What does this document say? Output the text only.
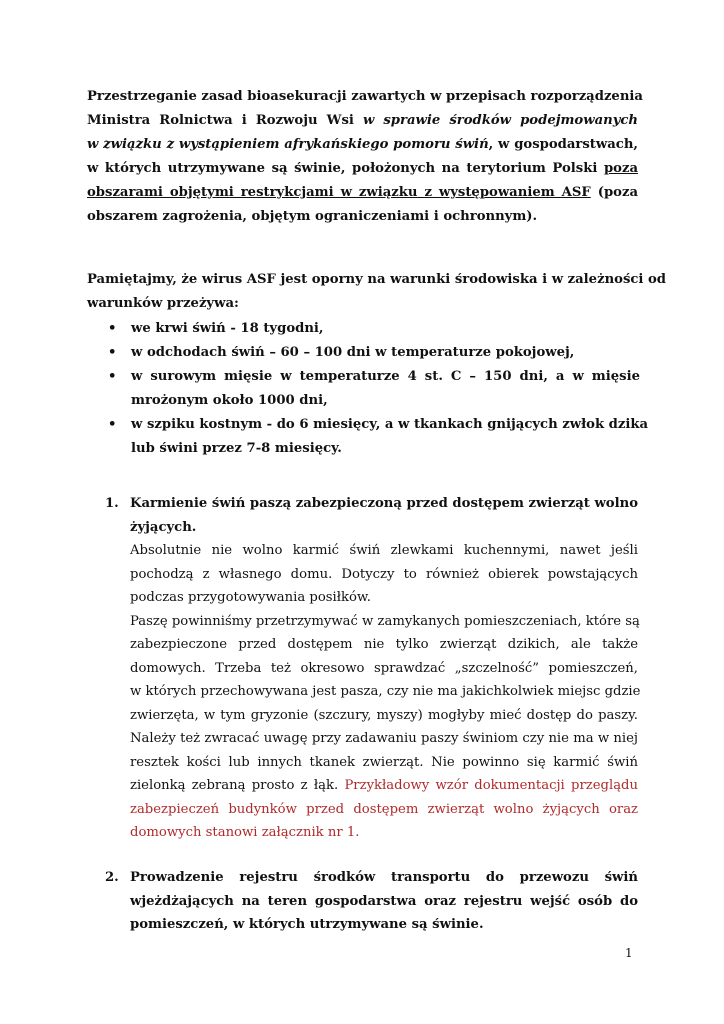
Przestrzeganie zasad bioasekuracji zawartych w przepisach rozporządzenia
Ministra Rolnictwa i Rozwoju Wsi w sprawie środków podejmowanych
w związku z wystąpieniem afrykańskiego pomoru świń, w gospodarstwach,
w których utrzymywane są świnie, położonych na terytorium Polski poza
obszarami objętymi restrykcjami w związku z występowaniem ASF (poza
obszarem zagrożenia, objętym ograniczeniami i ochronnym).
Pamiętajmy, że wirus ASF jest oporny na warunki środowiska i w zależności od
warunków przeżywa:
• we krwi świń - 18 tygodni,
• w odchodach świń – 60 – 100 dni w temperaturze pokojowej,
• w surowym mięsie w temperaturze 4 st. C – 150 dni, a w mięsie
mrożonym około 1000 dni,
• w szpiku kostnym - do 6 miesięcy, a w tkankach gnijących zwłok dzika
lub świni przez 7-8 miesięcy.
1. Karmienie świń paszą zabezpieczoną przed dostępem zwierząt wolno
żyjących.
Absolutnie nie wolno karmić świń zlewkami kuchennymi, nawet jeśli
pochodzą z własnego domu. Dotyczy to również obierek powstających
podczas przygotowywania posiłków.
Paszę powinniśmy przetrzymywać w zamykanych pomieszczeniach, które są
zabezpieczone przed dostępem nie tylko zwierząt dzikich, ale także
domowych. Trzeba też okresowo sprawdzać „szczelność” pomieszczeń,
w których przechowywana jest pasza, czy nie ma jakichkolwiek miejsc gdzie
zwierzęta, w tym gryzonie (szczury, myszy) mogłyby mieć dostęp do paszy.
Należy też zwracać uwagę przy zadawaniu paszy świniom czy nie ma w niej
resztek kości lub innych tkanek zwierząt. Nie powinno się karmić świń
zielonką zebraną prosto z łąk. Przykładowy wzór dokumentacji przeglądu
zabezpieczeń budynków przed dostępem zwierząt wolno żyjących oraz
domowych stanowi załącznik nr 1.
2. Prowadzenie rejestru środków transportu do przewozu świń
wjeżdżających na teren gospodarstwa oraz rejestru wejść osób do
pomieszczeń, w których utrzymywane są świnie.
1
